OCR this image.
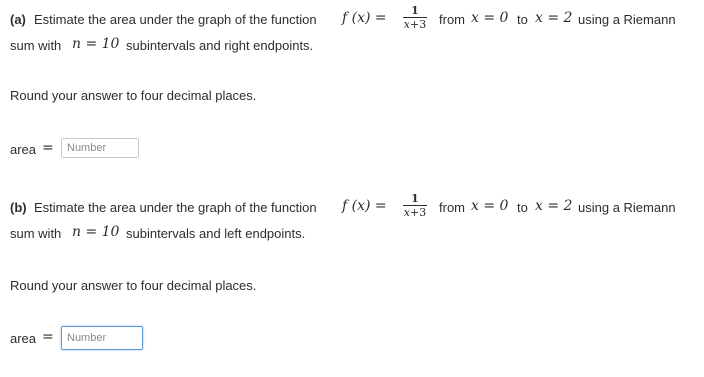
(a) Estimate the area under the graph of the function f (x) =	1
x+3 from x = 0 to x = 2 using a Riemann
sum with n = 10 subintervals and right endpoints.
Round your answer to four decimal places.
area =
Number
(b) Estimate the area under the graph of the function f (x) =	1
x+3 from x = 0 to x = 2 using a Riemann
sum with n = 10 subintervals and left endpoints.
Round your answer to four decimal places.
area =
Number
